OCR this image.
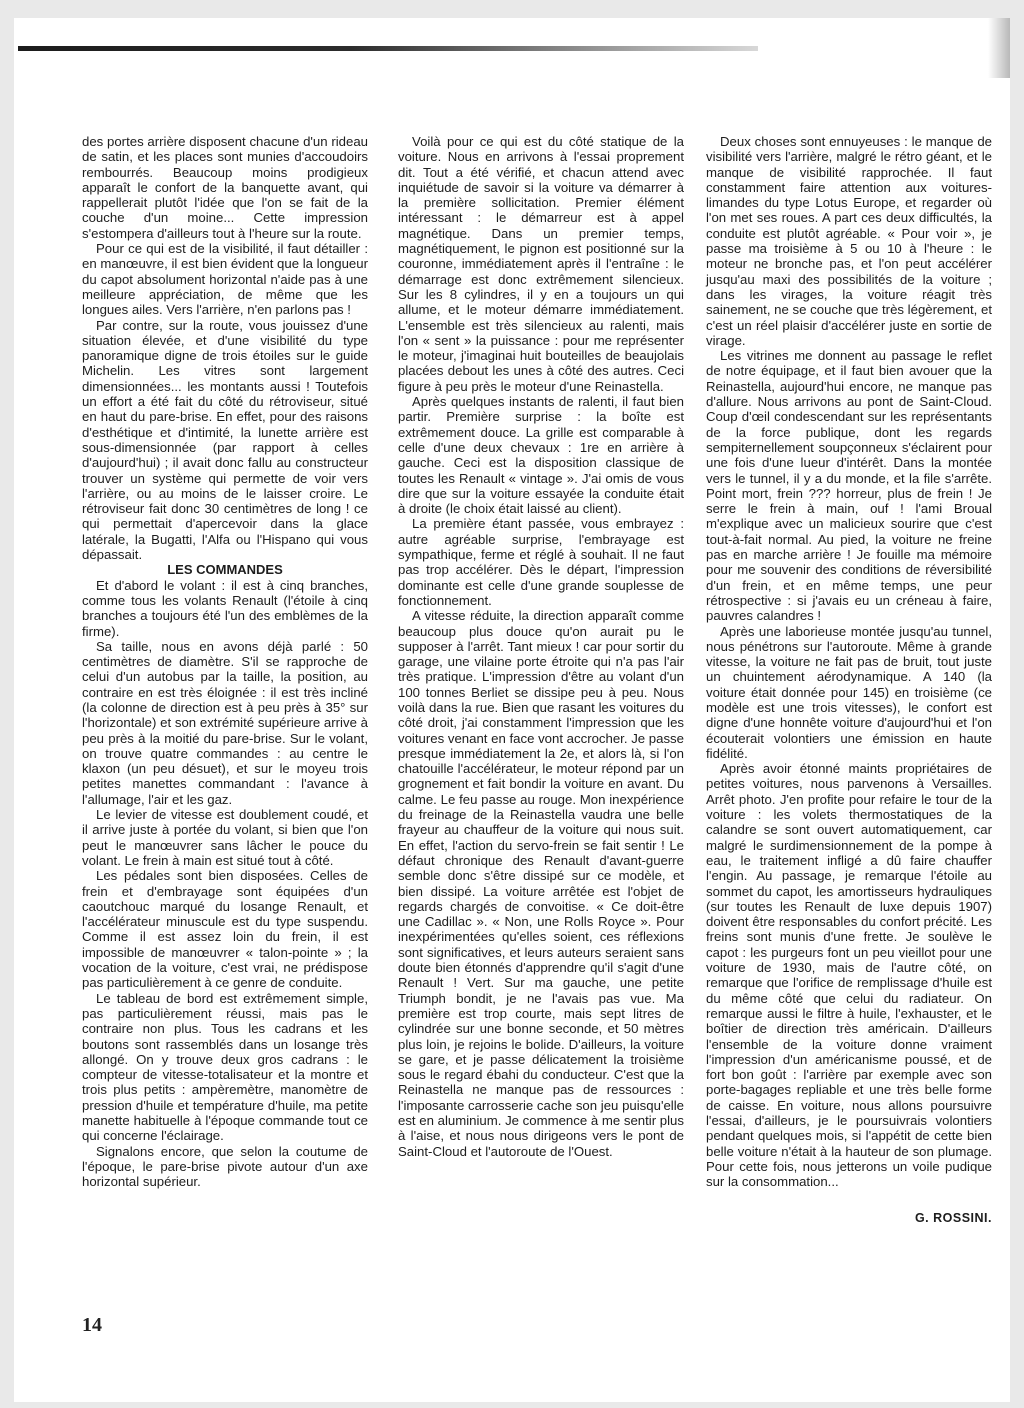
des portes arrière disposent chacune d'un rideau de satin, et les places sont munies d'accoudoirs rembourrés. Beaucoup moins prodigieux apparaît le confort de la banquette avant, qui rappellerait plutôt l'idée que l'on se fait de la couche d'un moine... Cette impression s'estompera d'ailleurs tout à l'heure sur la route.

Pour ce qui est de la visibilité, il faut détailler : en manœuvre, il est bien évident que la longueur du capot absolument horizontal n'aide pas à une meilleure appréciation, de même que les longues ailes. Vers l'arrière, n'en parlons pas !

Par contre, sur la route, vous jouissez d'une situation élevée, et d'une visibilité du type panoramique digne de trois étoiles sur le guide Michelin. Les vitres sont largement dimensionnées... les montants aussi ! Toutefois un effort a été fait du côté du rétroviseur, situé en haut du pare-brise. En effet, pour des raisons d'esthétique et d'intimité, la lunette arrière est sous-dimensionnée (par rapport à celles d'aujourd'hui) ; il avait donc fallu au constructeur trouver un système qui permette de voir vers l'arrière, ou au moins de le laisser croire. Le rétroviseur fait donc 30 centimètres de long ! ce qui permettait d'apercevoir dans la glace latérale, la Bugatti, l'Alfa ou l'Hispano qui vous dépassait.

LES COMMANDES

Et d'abord le volant : il est à cinq branches, comme tous les volants Renault (l'étoile à cinq branches a toujours été l'un des emblèmes de la firme).

Sa taille, nous en avons déjà parlé : 50 centimètres de diamètre. S'il se rapproche de celui d'un autobus par la taille, la position, au contraire en est très éloignée : il est très incliné (la colonne de direction est à peu près à 35° sur l'horizontale) et son extrémité supérieure arrive à peu près à la moitié du pare-brise. Sur le volant, on trouve quatre commandes : au centre le klaxon (un peu désuet), et sur le moyeu trois petites manettes commandant : l'avance à l'allumage, l'air et les gaz.

Le levier de vitesse est doublement coudé, et il arrive juste à portée du volant, si bien que l'on peut le manœuvrer sans lâcher le pouce du volant. Le frein à main est situé tout à côté.

Les pédales sont bien disposées. Celles de frein et d'embrayage sont équipées d'un caoutchouc marqué du losange Renault, et l'accélérateur minuscule est du type suspendu. Comme il est assez loin du frein, il est impossible de manœuvrer « talon-pointe » ; la vocation de la voiture, c'est vrai, ne prédispose pas particulièrement à ce genre de conduite.

Le tableau de bord est extrêmement simple, pas particulièrement réussi, mais pas le contraire non plus. Tous les cadrans et les boutons sont rassemblés dans un losange très allongé. On y trouve deux gros cadrans : le compteur de vitesse-totalisateur et la montre et trois plus petits : ampèremètre, manomètre de pression d'huile et température d'huile, ma petite manette habituelle à l'époque commande tout ce qui concerne l'éclairage.

Signalons encore, que selon la coutume de l'époque, le pare-brise pivote autour d'un axe horizontal supérieur.

Voilà pour ce qui est du côté statique de la voiture. Nous en arrivons à l'essai proprement dit. Tout a été vérifié, et chacun attend avec inquiétude de savoir si la voiture va démarrer à la première sollicitation. Premier élément intéressant : le démarreur est à appel magnétique. Dans un premier temps, magnétiquement, le pignon est positionné sur la couronne, immédiatement après il l'entraîne : le démarrage est donc extrêmement silencieux. Sur les 8 cylindres, il y en a toujours un qui allume, et le moteur démarre immédiatement. L'ensemble est très silencieux au ralenti, mais l'on « sent » la puissance : pour me représenter le moteur, j'imaginai huit bouteilles de beaujolais placées debout les unes à côté des autres. Ceci figure à peu près le moteur d'une Reinastella.

Après quelques instants de ralenti, il faut bien partir. Première surprise : la boîte est extrêmement douce. La grille est comparable à celle d'une deux chevaux : 1re en arrière à gauche. Ceci est la disposition classique de toutes les Renault « vintage ». J'ai omis de vous dire que sur la voiture essayée la conduite était à droite (le choix était laissé au client).

La première étant passée, vous embrayez : autre agréable surprise, l'embrayage est sympathique, ferme et réglé à souhait. Il ne faut pas trop accélérer. Dès le départ, l'impression dominante est celle d'une grande souplesse de fonctionnement.

A vitesse réduite, la direction apparaît comme beaucoup plus douce qu'on aurait pu le supposer à l'arrêt. Tant mieux ! car pour sortir du garage, une vilaine porte étroite qui n'a pas l'air très pratique. L'impression d'être au volant d'un 100 tonnes Berliet se dissipe peu à peu. Nous voilà dans la rue. Bien que rasant les voitures du côté droit, j'ai constamment l'impression que les voitures venant en face vont accrocher. Je passe presque immédiatement la 2e, et alors là, si l'on chatouille l'accélérateur, le moteur répond par un grognement et fait bondir la voiture en avant. Du calme. Le feu passe au rouge. Mon inexpérience du freinage de la Reinastella vaudra une belle frayeur au chauffeur de la voiture qui nous suit. En effet, l'action du servo-frein se fait sentir ! Le défaut chronique des Renault d'avant-guerre semble donc s'être dissipé sur ce modèle, et bien dissipé. La voiture arrêtée est l'objet de regards chargés de convoitise. « Ce doit-être une Cadillac ». « Non, une Rolls Royce ». Pour inexpérimentées qu'elles soient, ces réflexions sont significatives, et leurs auteurs seraient sans doute bien étonnés d'apprendre qu'il s'agit d'une Renault ! Vert. Sur ma gauche, une petite Triumph bondit, je ne l'avais pas vue. Ma première est trop courte, mais sept litres de cylindrée sur une bonne seconde, et 50 mètres plus loin, je rejoins le bolide. D'ailleurs, la voiture se gare, et je passe délicatement la troisième sous le regard ébahi du conducteur. C'est que la Reinastella ne manque pas de ressources : l'imposante carrosserie cache son jeu puisqu'elle est en aluminium. Je commence à me sentir plus à l'aise, et nous nous dirigeons vers le pont de Saint-Cloud et l'autoroute de l'Ouest.

Deux choses sont ennuyeuses : le manque de visibilité vers l'arrière, malgré le rétro géant, et le manque de visibilité rapprochée. Il faut constamment faire attention aux voitures-limandes du type Lotus Europe, et regarder où l'on met ses roues. A part ces deux difficultés, la conduite est plutôt agréable. « Pour voir », je passe ma troisième à 5 ou 10 à l'heure : le moteur ne bronche pas, et l'on peut accélérer jusqu'au maxi des possibilités de la voiture ; dans les virages, la voiture réagit très sainement, ne se couche que très légèrement, et c'est un réel plaisir d'accélérer juste en sortie de virage.

Les vitrines me donnent au passage le reflet de notre équipage, et il faut bien avouer que la Reinastella, aujourd'hui encore, ne manque pas d'allure. Nous arrivons au pont de Saint-Cloud. Coup d'œil condescendant sur les représentants de la force publique, dont les regards sempiternellement soupçonneux s'éclairent pour une fois d'une lueur d'intérêt. Dans la montée vers le tunnel, il y a du monde, et la file s'arrête. Point mort, frein ??? horreur, plus de frein ! Je serre le frein à main, ouf ! l'ami Broual m'explique avec un malicieux sourire que c'est tout-à-fait normal. Au pied, la voiture ne freine pas en marche arrière ! Je fouille ma mémoire pour me souvenir des conditions de réversibilité d'un frein, et en même temps, une peur rétrospective : si j'avais eu un créneau à faire, pauvres calandres !

Après une laborieuse montée jusqu'au tunnel, nous pénétrons sur l'autoroute. Même à grande vitesse, la voiture ne fait pas de bruit, tout juste un chuintement aérodynamique. A 140 (la voiture était donnée pour 145) en troisième (ce modèle est une trois vitesses), le confort est digne d'une honnête voiture d'aujourd'hui et l'on écouterait volontiers une émission en haute fidélité.

Après avoir étonné maints propriétaires de petites voitures, nous parvenons à Versailles. Arrêt photo. J'en profite pour refaire le tour de la voiture : les volets thermostatiques de la calandre se sont ouvert automatiquement, car malgré le surdimensionnement de la pompe à eau, le traitement infligé a dû faire chauffer l'engin. Au passage, je remarque l'étoile au sommet du capot, les amortisseurs hydrauliques (sur toutes les Renault de luxe depuis 1907) doivent être responsables du confort précité. Les freins sont munis d'une frette. Je soulève le capot : les purgeurs font un peu vieillot pour une voiture de 1930, mais de l'autre côté, on remarque que l'orifice de remplissage d'huile est du même côté que celui du radiateur. On remarque aussi le filtre à huile, l'exhauster, et le boîtier de direction très américain. D'ailleurs l'ensemble de la voiture donne vraiment l'impression d'un américanisme poussé, et de fort bon goût : l'arrière par exemple avec son porte-bagages repliable et une très belle forme de caisse. En voiture, nous allons poursuivre l'essai, d'ailleurs, je le poursuivrais volontiers pendant quelques mois, si l'appétit de cette bien belle voiture n'était à la hauteur de son plumage. Pour cette fois, nous jetterons un voile pudique sur la consommation...

G. ROSSINI.
14
